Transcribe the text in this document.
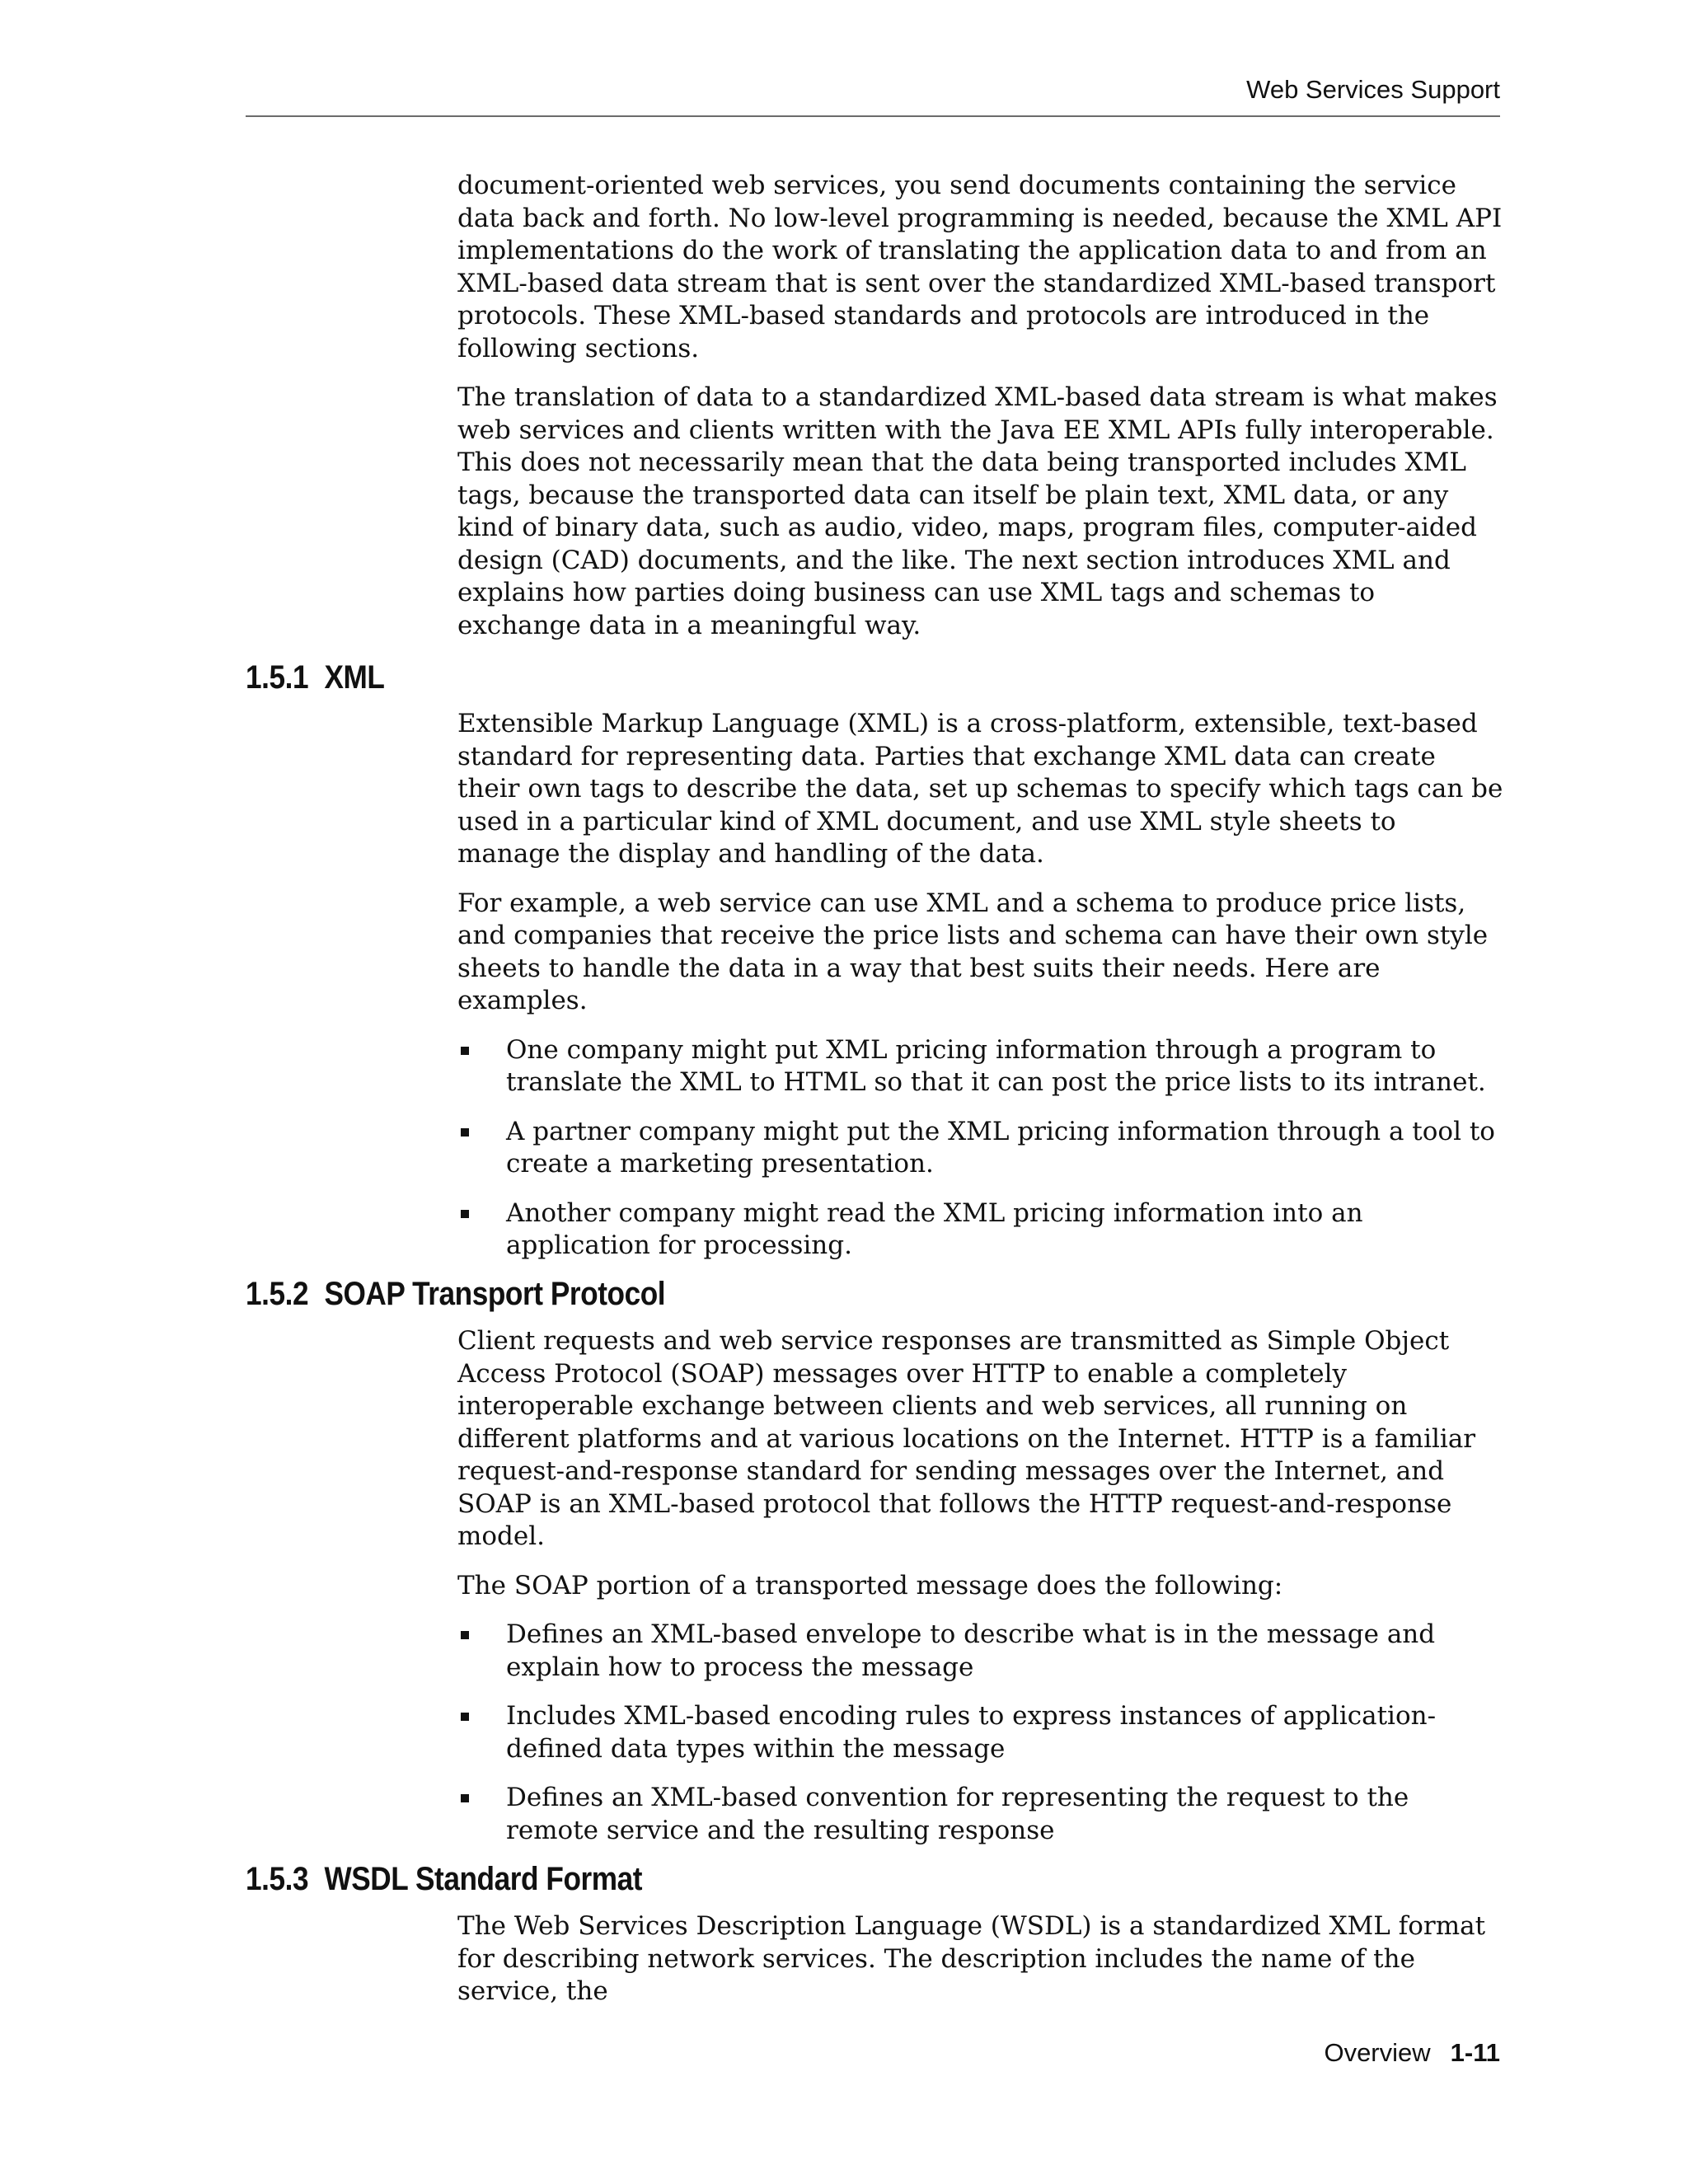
Web Services Support

document-oriented web services, you send documents containing the service data back and forth. No low-level programming is needed, because the XML API implementations do the work of translating the application data to and from an XML-based data stream that is sent over the standardized XML-based transport protocols. These XML-based standards and protocols are introduced in the following sections.

The translation of data to a standardized XML-based data stream is what makes web services and clients written with the Java EE XML APIs fully interoperable. This does not necessarily mean that the data being transported includes XML tags, because the transported data can itself be plain text, XML data, or any kind of binary data, such as audio, video, maps, program files, computer-aided design (CAD) documents, and the like. The next section introduces XML and explains how parties doing business can use XML tags and schemas to exchange data in a meaningful way.

1.5.1 XML

Extensible Markup Language (XML) is a cross-platform, extensible, text-based standard for representing data. Parties that exchange XML data can create their own tags to describe the data, set up schemas to specify which tags can be used in a particular kind of XML document, and use XML style sheets to manage the display and handling of the data.

For example, a web service can use XML and a schema to produce price lists, and companies that receive the price lists and schema can have their own style sheets to handle the data in a way that best suits their needs. Here are examples.

One company might put XML pricing information through a program to translate the XML to HTML so that it can post the price lists to its intranet.
A partner company might put the XML pricing information through a tool to create a marketing presentation.
Another company might read the XML pricing information into an application for processing.
1.5.2 SOAP Transport Protocol

Client requests and web service responses are transmitted as Simple Object Access Protocol (SOAP) messages over HTTP to enable a completely interoperable exchange between clients and web services, all running on different platforms and at various locations on the Internet. HTTP is a familiar request-and-response standard for sending messages over the Internet, and SOAP is an XML-based protocol that follows the HTTP request-and-response model.

The SOAP portion of a transported message does the following:

Defines an XML-based envelope to describe what is in the message and explain how to process the message
Includes XML-based encoding rules to express instances of application-defined data types within the message
Defines an XML-based convention for representing the request to the remote service and the resulting response
1.5.3 WSDL Standard Format

The Web Services Description Language (WSDL) is a standardized XML format for describing network services. The description includes the name of the service, the

Overview 1-11
